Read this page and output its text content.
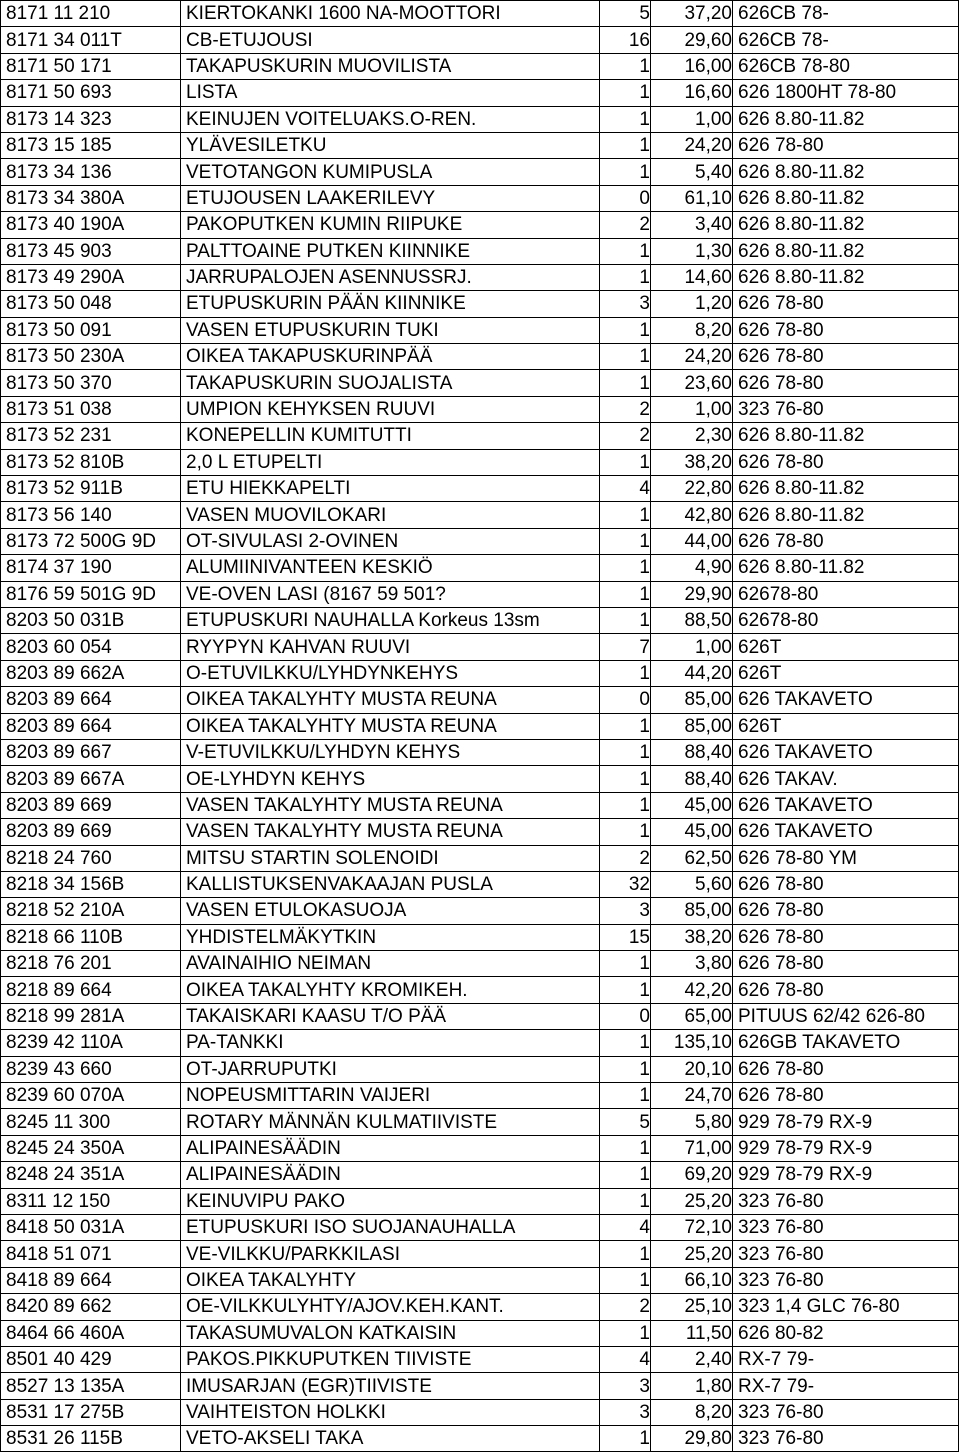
8171 11 210	KIERTOKANKI 1600 NA-MOOTTORI	5	37,20	626CB 78-
8171 34 011T	CB-ETUJOUSI	16	29,60	626CB 78-
8171 50 171	TAKAPUSKURIN MUOVILISTA	1	16,00	626CB 78-80
8171 50 693	LISTA	1	16,60	626 1800HT 78-80
8173 14 323	KEINUJEN VOITELUAKS.O-REN.	1	1,00	626 8.80-11.82
8173 15 185	YLÄVESILETKU	1	24,20	626 78-80
8173 34 136	VETOTANGON KUMIPUSLA	1	5,40	626 8.80-11.82
8173 34 380A	ETUJOUSEN LAAKERILEVY	0	61,10	626 8.80-11.82
8173 40 190A	PAKOPUTKEN KUMIN RIIPUKE	2	3,40	626 8.80-11.82
8173 45 903	PALTTOAINE PUTKEN KIINNIKE	1	1,30	626 8.80-11.82
8173 49 290A	JARRUPALOJEN ASENNUSSRJ.	1	14,60	626 8.80-11.82
8173 50 048	ETUPUSKURIN PÄÄN KIINNIKE	3	1,20	626 78-80
8173 50 091	VASEN ETUPUSKURIN TUKI	1	8,20	626 78-80
8173 50 230A	OIKEA TAKAPUSKURINPÄÄ	1	24,20	626 78-80
8173 50 370	TAKAPUSKURIN SUOJALISTA	1	23,60	626 78-80
8173 51 038	UMPION KEHYKSEN RUUVI	2	1,00	323 76-80
8173 52 231	KONEPELLIN KUMITUTTI	2	2,30	626 8.80-11.82
8173 52 810B	2,0 L ETUPELTI	1	38,20	626 78-80
8173 52 911B	ETU HIEKKAPELTI	4	22,80	626 8.80-11.82
8173 56 140	VASEN MUOVILOKARI	1	42,80	626 8.80-11.82
8173 72 500G 9D	OT-SIVULASI 2-OVINEN	1	44,00	626 78-80
8174 37 190	ALUMIINIVANTEEN KESKIÖ	1	4,90	626 8.80-11.82
8176 59 501G 9D	VE-OVEN LASI (8167 59 501?	1	29,90	62678-80
8203 50 031B	ETUPUSKURI NAUHALLA Korkeus 13sm	1	88,50	62678-80
8203 60 054	RYYPYN KAHVAN RUUVI	7	1,00	626T
8203 89 662A	O-ETUVILKKU/LYHDYNKEHYS	1	44,20	626T
8203 89 664	OIKEA TAKALYHTY MUSTA REUNA	0	85,00	626 TAKAVETO
8203 89 664	OIKEA TAKALYHTY MUSTA REUNA	1	85,00	626T
8203 89 667	V-ETUVILKKU/LYHDYN KEHYS	1	88,40	626 TAKAVETO
8203 89 667A	OE-LYHDYN KEHYS	1	88,40	626 TAKAV.
8203 89 669	VASEN TAKALYHTY MUSTA REUNA	1	45,00	626 TAKAVETO
8203 89 669	VASEN TAKALYHTY MUSTA REUNA	1	45,00	626 TAKAVETO
8218 24 760	MITSU STARTIN SOLENOIDI	2	62,50	626 78-80 YM
8218 34 156B	KALLISTUKSENVAKAAJAN PUSLA	32	5,60	626 78-80
8218 52 210A	VASEN ETULOKASUOJA	3	85,00	626 78-80
8218 66 110B	YHDISTELMÄKYTKIN	15	38,20	626 78-80
8218 76 201	AVAINAIHIO NEIMAN	1	3,80	626 78-80
8218 89 664	OIKEA TAKALYHTY KROMIKEH.	1	42,20	626 78-80
8218 99 281A	TAKAISKARI KAASU T/O PÄÄ	0	65,00	PITUUS 62/42 626-80
8239 42 110A	PA-TANKKI	1	135,10	626GB TAKAVETO
8239 43 660	OT-JARRUPUTKI	1	20,10	626 78-80
8239 60 070A	NOPEUSMITTARIN VAIJERI	1	24,70	626 78-80
8245 11 300	ROTARY MÄNNÄN KULMATIIVISTE	5	5,80	929 78-79 RX-9
8245 24 350A	ALIPAINESÄÄDIN	1	71,00	929 78-79 RX-9
8248 24 351A	ALIPAINESÄÄDIN	1	69,20	929 78-79 RX-9
8311 12 150	KEINUVIPU PAKO	1	25,20	323 76-80
8418 50 031A	ETUPUSKURI ISO SUOJANAUHALLA	4	72,10	323 76-80
8418 51 071	VE-VILKKU/PARKKILASI	1	25,20	323 76-80
8418 89 664	OIKEA TAKALYHTY	1	66,10	323 76-80
8420 89 662	OE-VILKKULYHTY/AJOV.KEH.KANT.	2	25,10	323 1,4 GLC 76-80
8464 66 460A	TAKASUMUVALON KATKAISIN	1	11,50	626 80-82
8501 40 429	PAKOS.PIKKUPUTKEN TIIVISTE	4	2,40	RX-7 79-
8527 13 135A	IMUSARJAN (EGR)TIIVISTE	3	1,80	RX-7 79-
8531 17 275B	VAIHTEISTON HOLKKI	3	8,20	323 76-80
8531 26 115B	VETO-AKSELI TAKA	1	29,80	323 76-80
